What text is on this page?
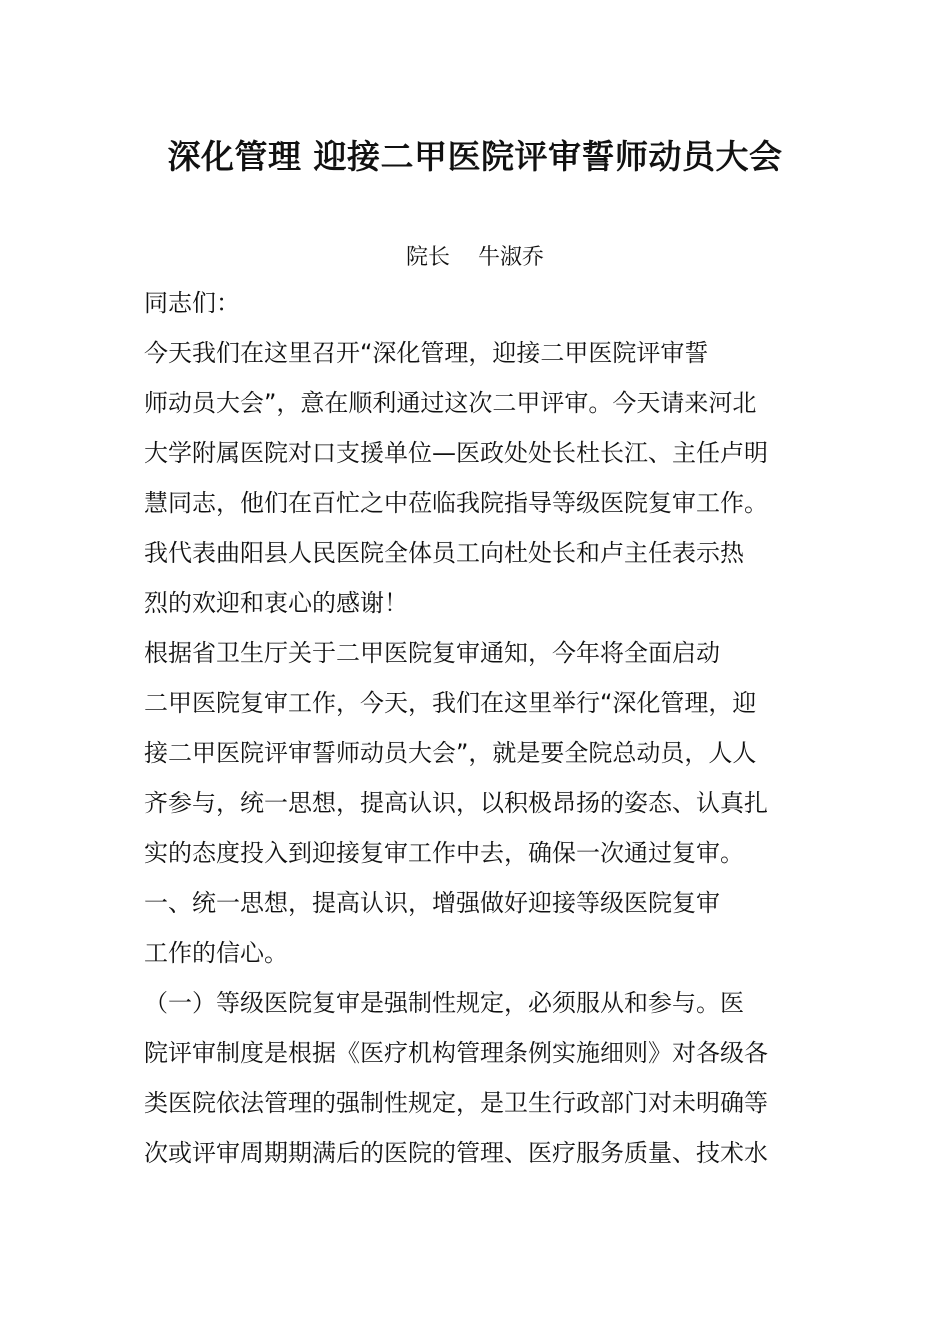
深化管理 迎接二甲医院评审誓师动员大会
院长    牛淑乔
同志们：
今天我们在这里召开“深化管理，迎接二甲医院评审誓
师动员大会”，意在顺利通过这次二甲评审。今天请来河北
大学附属医院对口支援单位—医政处处长杜长江、主任卢明
慧同志，他们在百忙之中莅临我院指导等级医院复审工作。
我代表曲阳县人民医院全体员工向杜处长和卢主任表示热
烈的欢迎和衷心的感谢！
根据省卫生厅关于二甲医院复审通知，今年将全面启动
二甲医院复审工作，今天，我们在这里举行“深化管理，迎
接二甲医院评审誓师动员大会”，就是要全院总动员，人人
齐参与，统一思想，提高认识，以积极昂扬的姿态、认真扎
实的态度投入到迎接复审工作中去，确保一次通过复审。
一、统一思想，提高认识，增强做好迎接等级医院复审
工作的信心。
（一）等级医院复审是强制性规定，必须服从和参与。医
院评审制度是根据《医疗机构管理条例实施细则》对各级各
类医院依法管理的强制性规定，是卫生行政部门对未明确等
次或评审周期期满后的医院的管理、医疗服务质量、技术水
